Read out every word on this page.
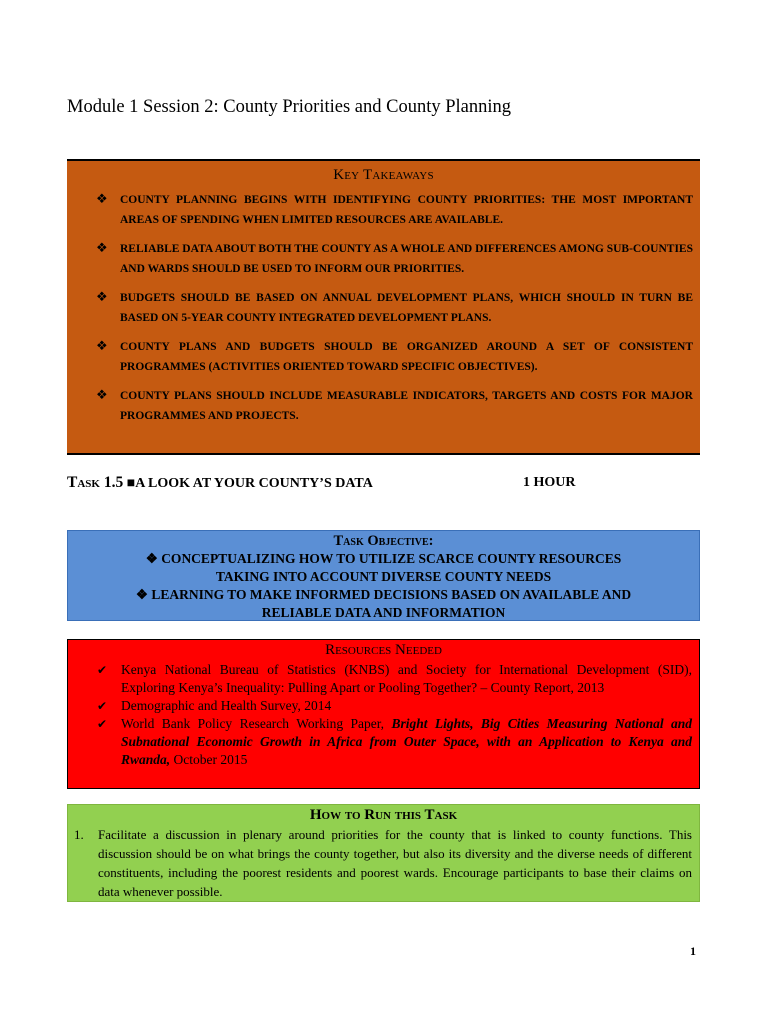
Module 1 Session 2: County Priorities and County Planning
Key Takeaways
❖ COUNTY PLANNING BEGINS WITH IDENTIFYING COUNTY PRIORITIES: THE MOST IMPORTANT AREAS OF SPENDING WHEN LIMITED RESOURCES ARE AVAILABLE.
❖ RELIABLE DATA ABOUT BOTH THE COUNTY AS A WHOLE AND DIFFERENCES AMONG SUB-COUNTIES AND WARDS SHOULD BE USED TO INFORM OUR PRIORITIES.
❖ BUDGETS SHOULD BE BASED ON ANNUAL DEVELOPMENT PLANS, WHICH SHOULD IN TURN BE BASED ON 5-YEAR COUNTY INTEGRATED DEVELOPMENT PLANS.
❖ COUNTY PLANS AND BUDGETS SHOULD BE ORGANIZED AROUND A SET OF CONSISTENT PROGRAMMES (ACTIVITIES ORIENTED TOWARD SPECIFIC OBJECTIVES).
❖ COUNTY PLANS SHOULD INCLUDE MEASURABLE INDICATORS, TARGETS AND COSTS FOR MAJOR PROGRAMMES AND PROJECTS.
Task 1.5 ■A LOOK AT YOUR COUNTY’S DATA	1 HOUR
Task Objective:
❖ CONCEPTUALIZING HOW TO UTILIZE SCARCE COUNTY RESOURCES
TAKING INTO ACCOUNT DIVERSE COUNTY NEEDS
❖ LEARNING TO MAKE INFORMED DECISIONS BASED ON AVAILABLE AND
RELIABLE DATA AND INFORMATION
Resources Needed
✔ Kenya National Bureau of Statistics (KNBS) and Society for International Development (SID), Exploring Kenya’s Inequality: Pulling Apart or Pooling Together? – County Report, 2013
✔ Demographic and Health Survey, 2014
✔ World Bank Policy Research Working Paper, Bright Lights, Big Cities Measuring National and Subnational Economic Growth in Africa from Outer Space, with an Application to Kenya and Rwanda, October 2015
How to Run this Task
1. Facilitate a discussion in plenary around priorities for the county that is linked to county functions. This discussion should be on what brings the county together, but also its diversity and the diverse needs of different constituents, including the poorest residents and poorest wards. Encourage participants to base their claims on data whenever possible.
1
